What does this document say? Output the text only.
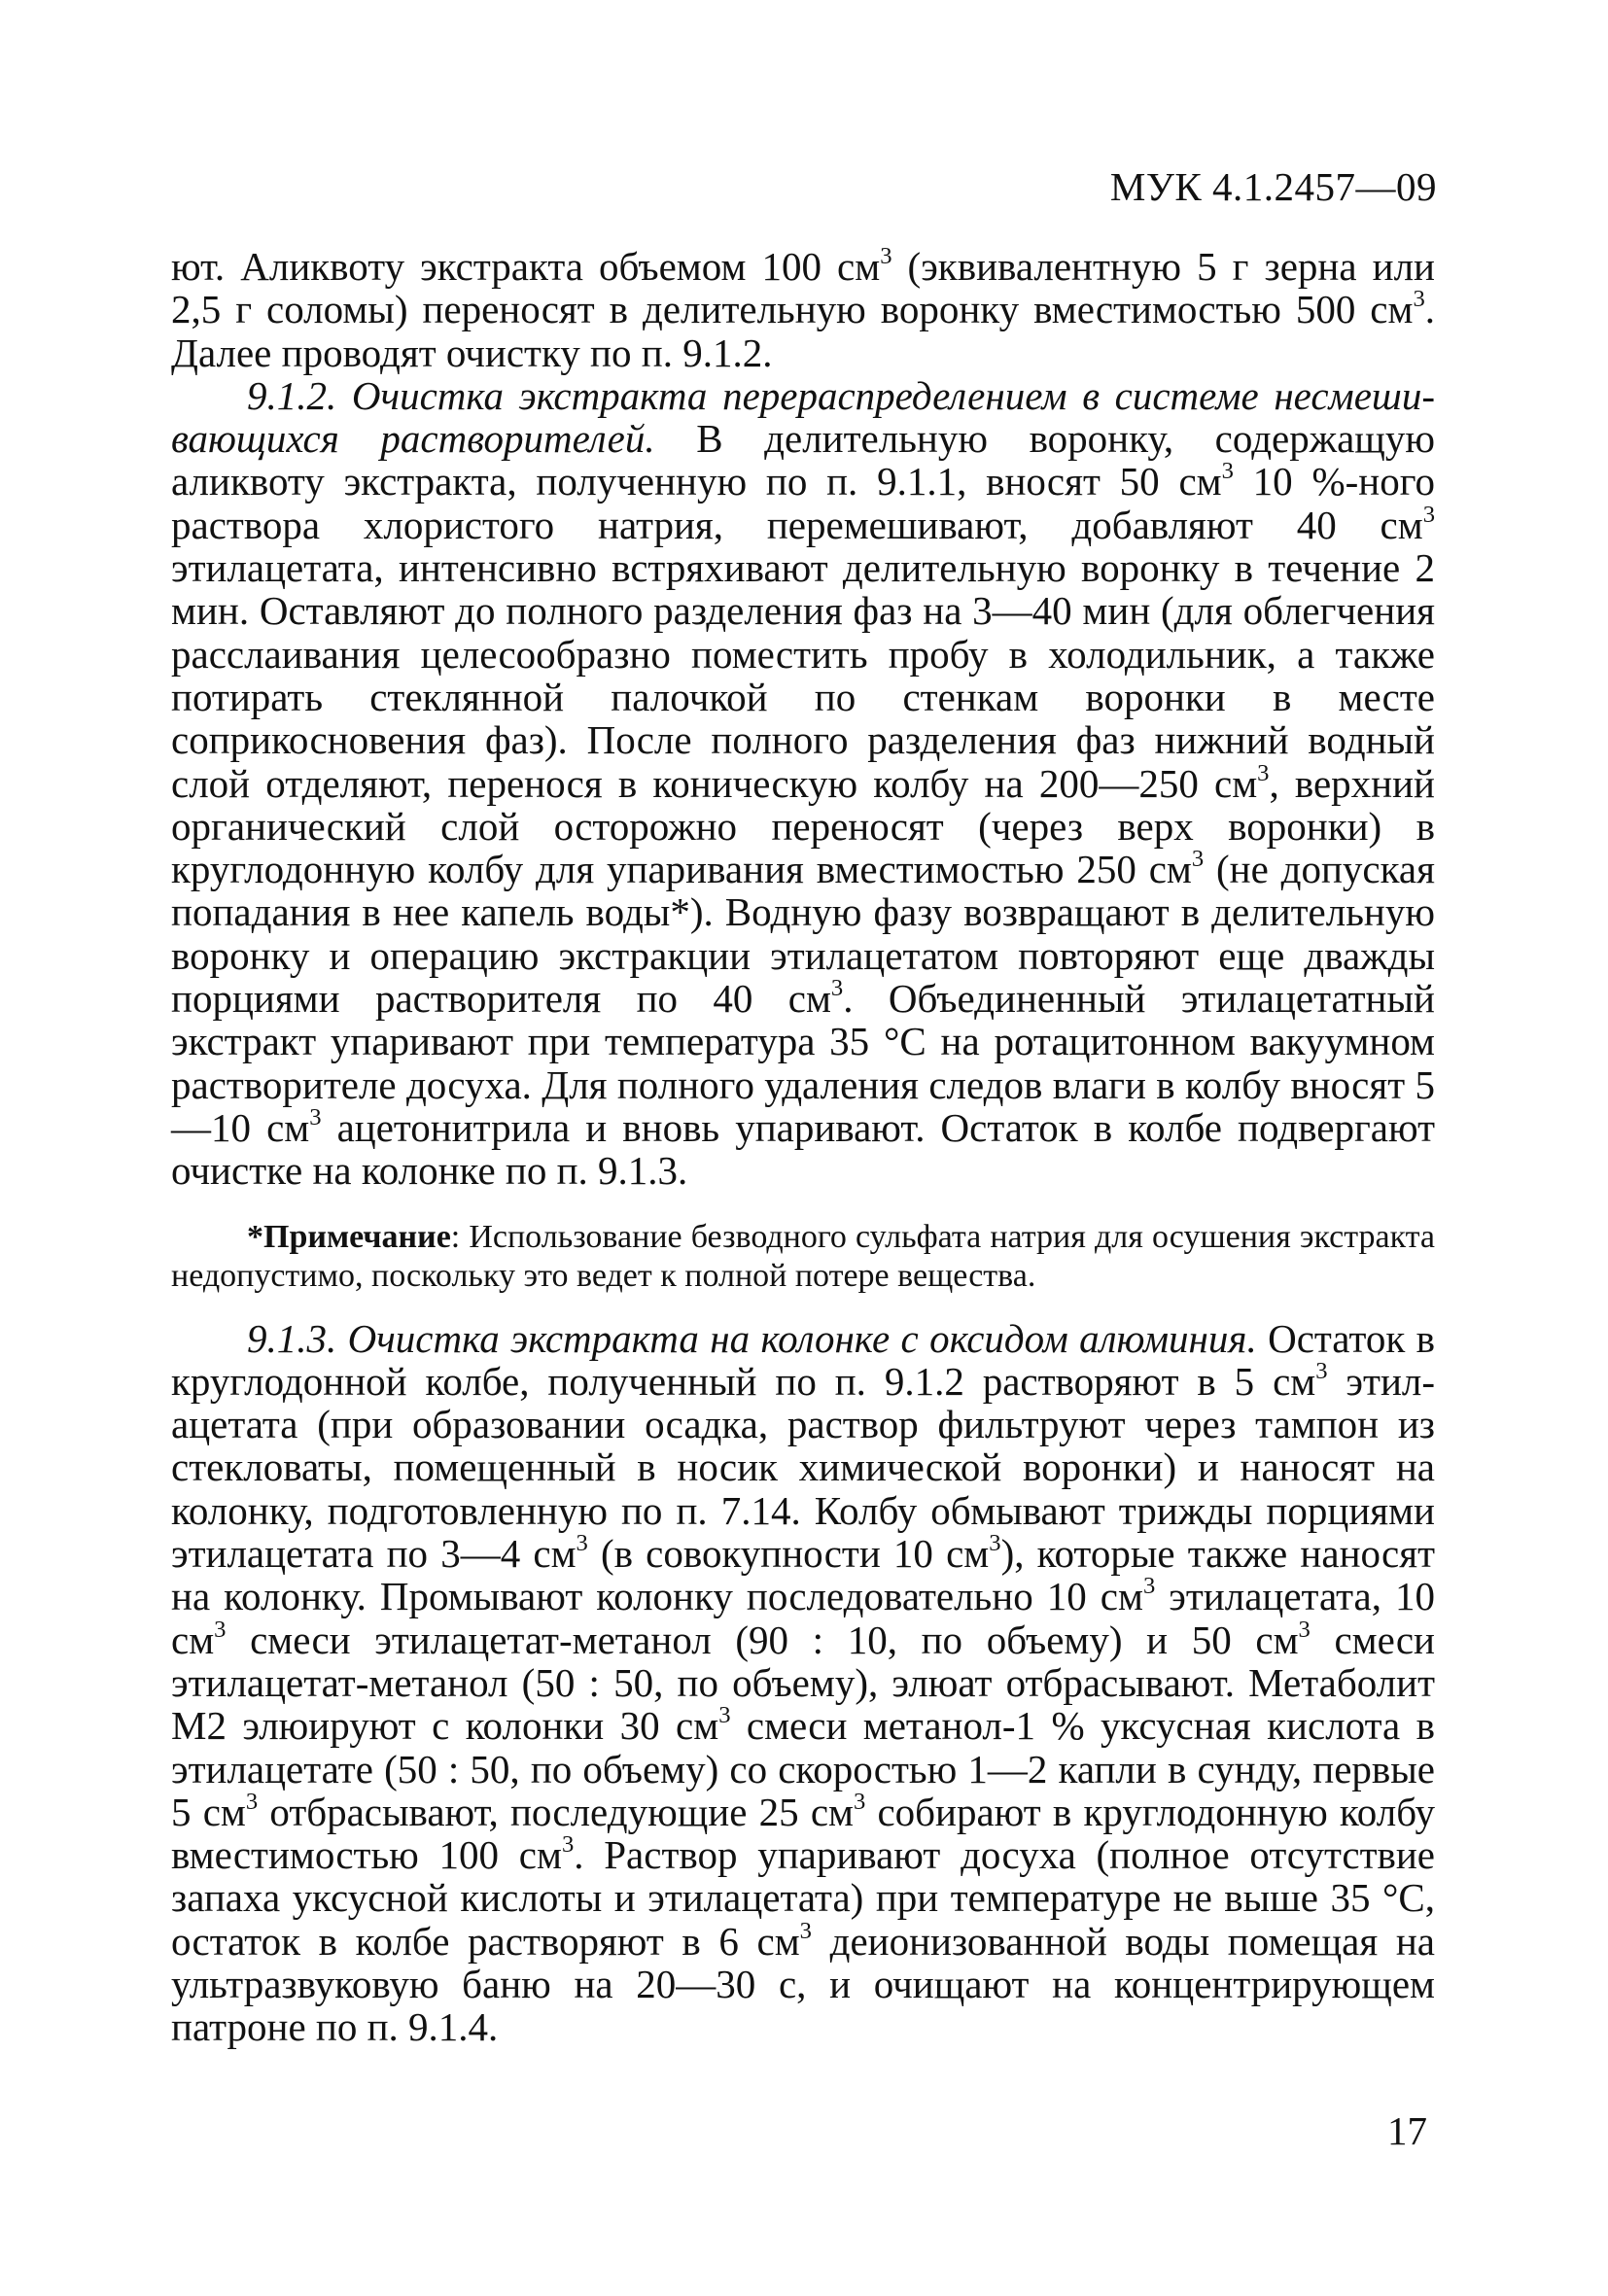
МУК 4.1.2457—09

ют. Аликвоту экстракта объемом 100 $см^3$ (эквивалентную 5 г зерна или 2,5 г соломы) переносят в делительную воронку вместимостью 500 $см^3$. Далее проводят очистку по п. 9.1.2.

9.1.2. Очистка экстракта перераспределением в системе несмешивающихся растворителей. В делительную воронку, содержащую аликвоту экстракта, полученную по п. 9.1.1, вносят 50 $см^3$ 10 %-ного раствора хлористого натрия, перемешивают, добавляют 40 $см^3$ этилацетата, интенсивно встряхивают делительную воронку в течение 2 мин. Оставляют до полного разделения фаз на 3—40 мин (для облегчения расслаивания целесообразно поместить пробу в холодильник, а также потирать стеклянной палочкой по стенкам воронки в месте соприкосновения фаз). После полного разделения фаз нижний водный слой отделяют, перенося в коническую колбу на 200—250 $см^3$, верхний органический слой осторожно переносят (через верх воронки) в круглодонную колбу для упаривания вместимостью 250 $см^3$ (не допуская попадания в нее капель воды*). Водную фазу возвращают в делительную воронку и операцию экстракции этилацетатом повторяют еще дважды порциями растворителя по 40 $см^3$. Объединенный этилацетатный экстракт упаривают при температура 35 °С на ротацитонном вакуумном растворителе досуха. Для полного удаления следов влаги в колбу вносят 5—10 $см^3$ ацетонитрила и вновь упаривают. Остаток в колбе подвергают очистке на колонке по п. 9.1.3.

*Примечание: Использование безводного сульфата натрия для осушения экстракта недопустимо, поскольку это ведет к полной потере вещества.

9.1.3. Очистка экстракта на колонке с оксидом алюминия. Остаток в круглодонной колбе, полученный по п. 9.1.2 растворяют в 5 $см^3$ этилацетата (при образовании осадка, раствор фильтруют через тампон из стекловаты, помещенный в носик химической воронки) и наносят на колонку, подготовленную по п. 7.14. Колбу обмывают трижды порциями этилацетата по 3—4 $см^3$ (в совокупности 10 $см^3$), которые также наносят на колонку. Промывают колонку последовательно 10 $см^3$ этилацетата, 10 $см^3$ смеси этилацетат-метанол (90 : 10, по объему) и 50 $см^3$ смеси этилацетат-метанол (50 : 50, по объему), элюат отбрасывают. Метаболит М2 элюируют с колонки 30 $см^3$ смеси метанол-1 % уксусная кислота в этилацетате (50 : 50, по объему) со скоростью 1—2 капли в сунду, первые 5 $см^3$ отбрасывают, последующие 25 $см^3$ собирают в круглодонную колбу вместимостью 100 $см^3$. Раствор упаривают досуха (полное отсутствие запаха уксусной кислоты и этилацетата) при температуре не выше 35 °С, остаток в колбе растворяют в 6 $см^3$ деионизованной воды помещая на ультразвуковую баню на 20—30 с, и очищают на концентрирующем патроне по п. 9.1.4.

17
